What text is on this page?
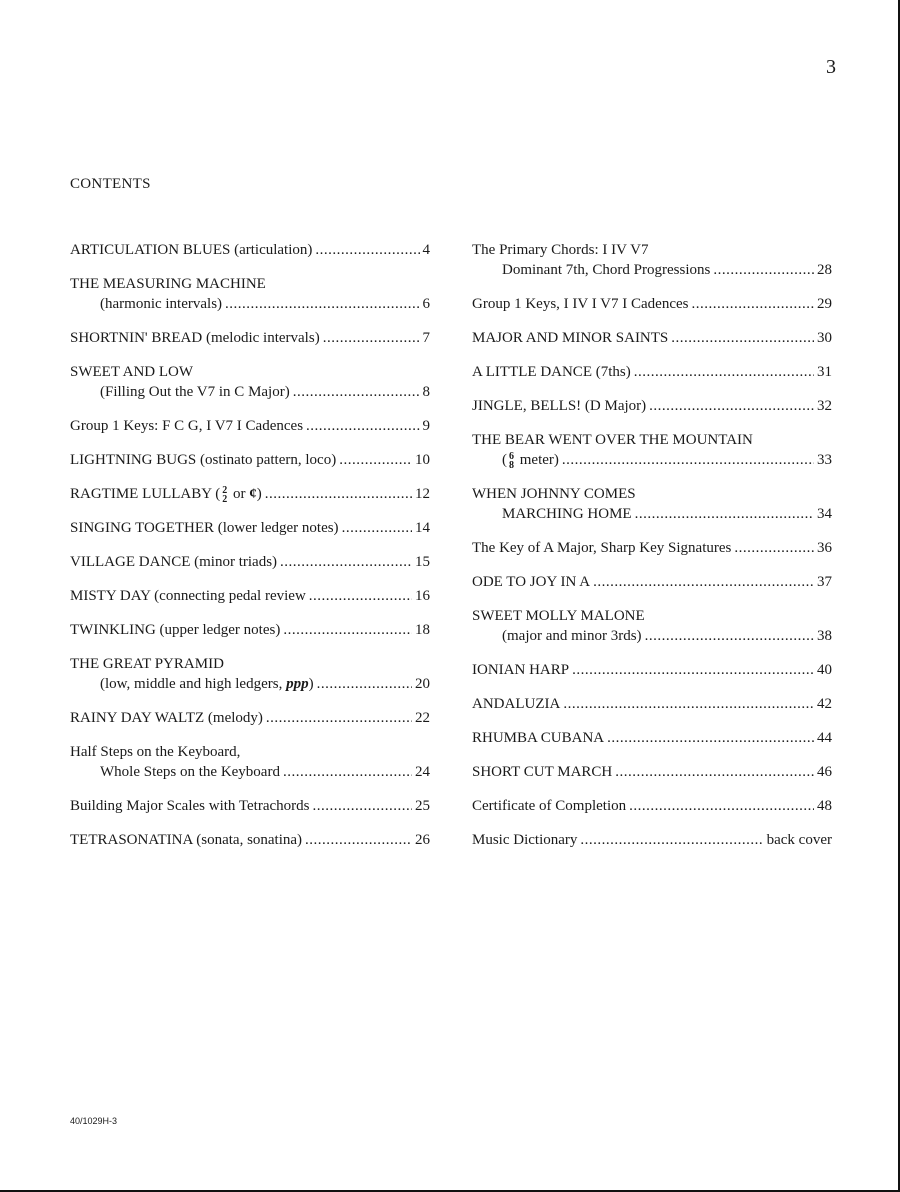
3
CONTENTS
ARTICULATION BLUES (articulation) .....	4
THE MEASURING MACHINE
(harmonic intervals) .....	6
SHORTNIN' BREAD (melodic intervals) .....	7
SWEET AND LOW
(Filling Out the V7 in C Major) .....	8
Group 1 Keys: F C G, I V7 I Cadences .....	9
LIGHTNING BUGS (ostinato pattern, loco) .....	10
RAGTIME LULLABY ( 2
2 or ¢) .....	12
SINGING TOGETHER (lower ledger notes) .....	14
VILLAGE DANCE (minor triads) .....	15
MISTY DAY (connecting pedal review .....	16
TWINKLING (upper ledger notes) .....	18
THE GREAT PYRAMID
(low, middle and high ledgers, ppp) .....	20
RAINY DAY WALTZ (melody) .....	22
Half Steps on the Keyboard,
Whole Steps on the Keyboard .....	24
Building Major Scales with Tetrachords .....	25
TETRASONATINA (sonata, sonatina) .....	26
The Primary Chords: I IV V7
Dominant 7th, Chord Progressions .....	28
Group 1 Keys, I IV I V7 I Cadences .....	29
MAJOR AND MINOR SAINTS .....	30
A LITTLE DANCE (7ths) .....	31
JINGLE, BELLS! (D Major) .....	32
THE BEAR WENT OVER THE MOUNTAIN
( 6
8 meter) .....	33
WHEN JOHNNY COMES
MARCHING HOME .....	34
The Key of A Major, Sharp Key Signatures .....	36
ODE TO JOY IN A .....	37
SWEET MOLLY MALONE
(major and minor 3rds) .....	38
IONIAN HARP .....	40
ANDALUZIA .....	42
RHUMBA CUBANA .....	44
SHORT CUT MARCH .....	46
Certificate of Completion .....	48
Music Dictionary .....	back cover
40/1029H-3
